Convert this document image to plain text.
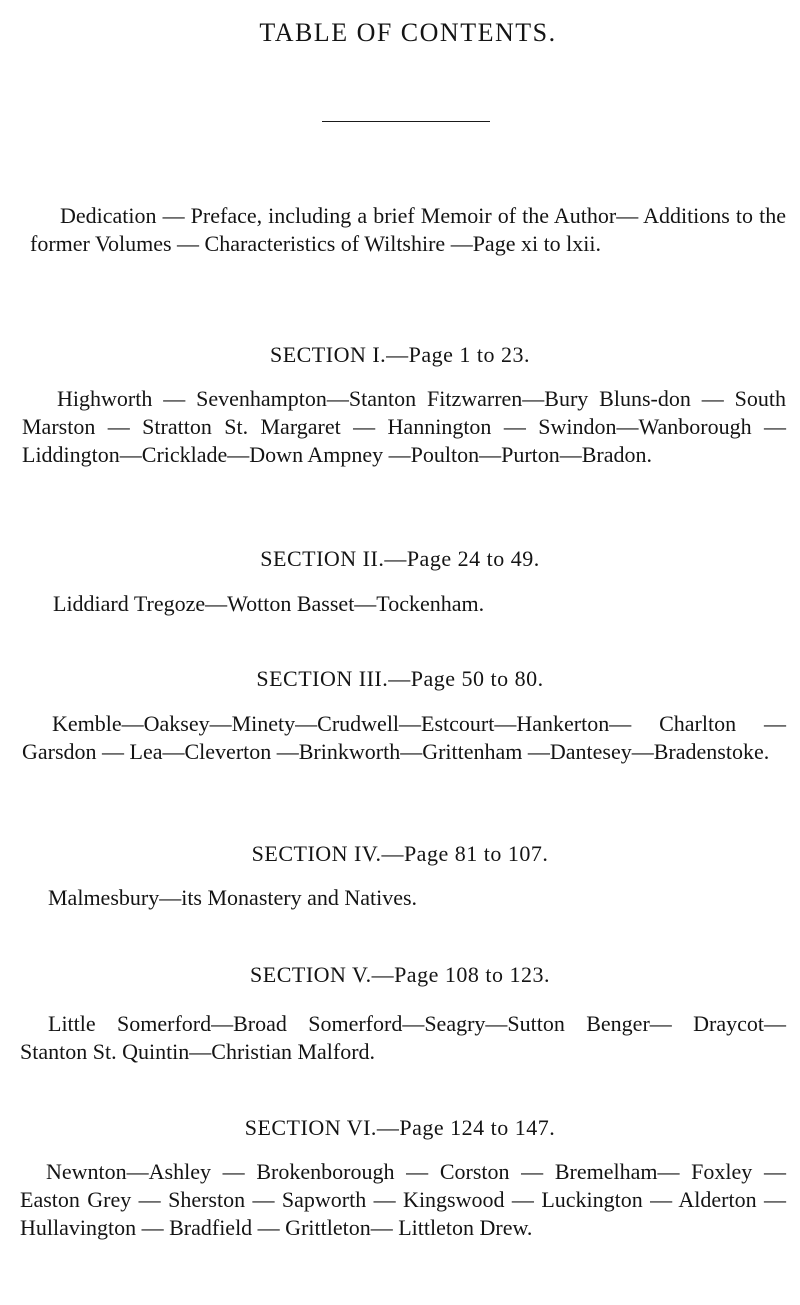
TABLE OF CONTENTS.

Dedication — Preface, including a brief Memoir of the Author— Additions to the former Volumes — Characteristics of Wiltshire —Page xi to lxii.

SECTION I.—Page 1 to 23.

Highworth — Sevenhampton—Stanton Fitzwarren—Bury Bluns-don — South Marston — Stratton St. Margaret — Hannington — Swindon—Wanborough — Liddington—Cricklade—Down Ampney —Poulton—Purton—Bradon.

SECTION II.—Page 24 to 49.

Liddiard Tregoze—Wotton Basset—Tockenham.

SECTION III.—Page 50 to 80.

Kemble—Oaksey—Minety—Crudwell—Estcourt—Hankerton— Charlton — Garsdon — Lea—Cleverton —Brinkworth—Grittenham —Dantesey—Bradenstoke.

SECTION IV.—Page 81 to 107.

Malmesbury—its Monastery and Natives.

SECTION V.—Page 108 to 123.

Little Somerford—Broad Somerford—Seagry—Sutton Benger— Draycot—Stanton St. Quintin—Christian Malford.

SECTION VI.—Page 124 to 147.

Newnton—Ashley — Brokenborough — Corston — Bremelham— Foxley — Easton Grey — Sherston — Sapworth — Kingswood — Luckington — Alderton — Hullavington — Bradfield — Grittleton— Littleton Drew.
